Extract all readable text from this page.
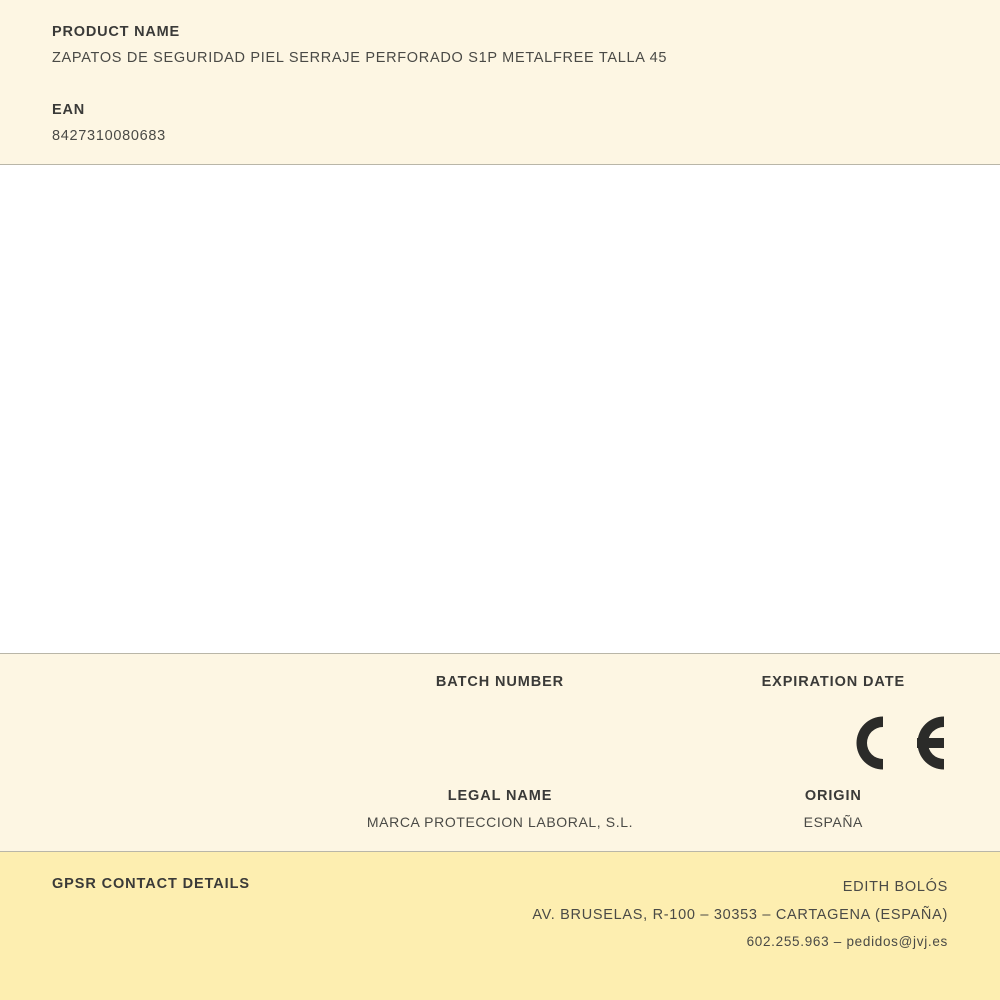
PRODUCT NAME
ZAPATOS DE SEGURIDAD PIEL SERRAJE PERFORADO S1P METALFREE TALLA 45
EAN
8427310080683
BATCH NUMBER	EXPIRATION DATE
LEGAL NAME
MARCA PROTECCION LABORAL, S.L.
ORIGIN
ESPAÑA
GPSR CONTACT DETAILS	EDITH BOLÓS
AV. BRUSELAS, R-100 – 30353 – CARTAGENA (ESPAÑA)
602.255.963 – pedidos@jvj.es
